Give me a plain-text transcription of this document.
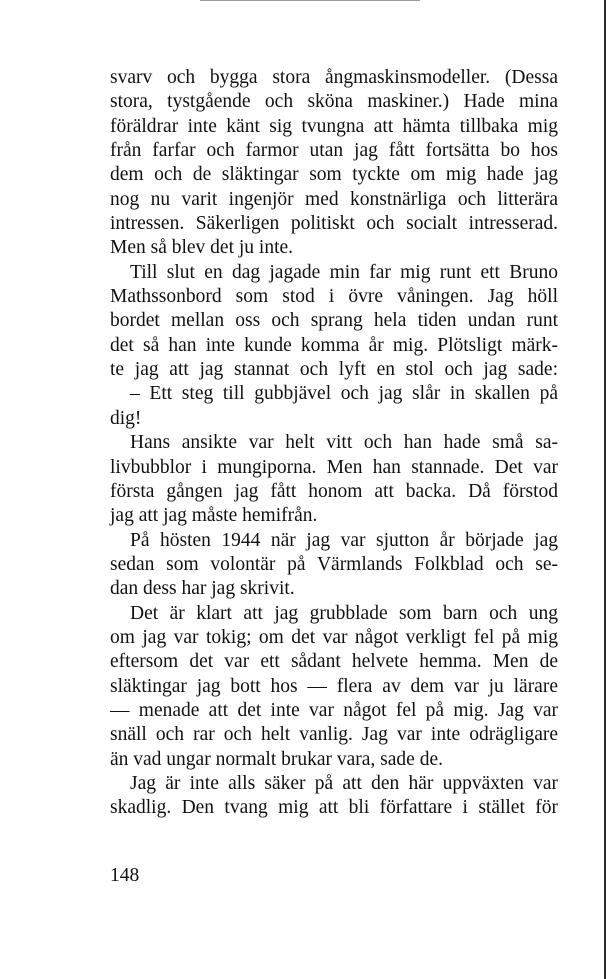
svarv och bygga stora ångmaskinsmodeller. (Dessa
stora, tystgående och sköna maskiner.) Hade mina
föräldrar inte känt sig tvungna att hämta tillbaka mig
från farfar och farmor utan jag fått fortsätta bo hos
dem och de släktingar som tyckte om mig hade jag
nog nu varit ingenjör med konstnärliga och litterära
intressen. Säkerligen politiskt och socialt intresserad.
Men så blev det ju inte.
Till slut en dag jagade min far mig runt ett Bruno
Mathssonbord som stod i övre våningen. Jag höll
bordet mellan oss och sprang hela tiden undan runt
det så han inte kunde komma år mig. Plötsligt märk-
te jag att jag stannat och lyft en stol och jag sade:
– Ett steg till gubbjävel och jag slår in skallen på
dig!
Hans ansikte var helt vitt och han hade små sa-
livbubblor i mungiporna. Men han stannade. Det var
första gången jag fått honom att backa. Då förstod
jag att jag måste hemifrån.
På hösten 1944 när jag var sjutton år började jag
sedan som volontär på Värmlands Folkblad och se-
dan dess har jag skrivit.
Det är klart att jag grubblade som barn och ung
om jag var tokig; om det var något verkligt fel på mig
eftersom det var ett sådant helvete hemma. Men de
släktingar jag bott hos — flera av dem var ju lärare
— menade att det inte var något fel på mig. Jag var
snäll och rar och helt vanlig. Jag var inte odrägligare
än vad ungar normalt brukar vara, sade de.
Jag är inte alls säker på att den här uppväxten var
skadlig. Den tvang mig att bli författare i stället för
148
